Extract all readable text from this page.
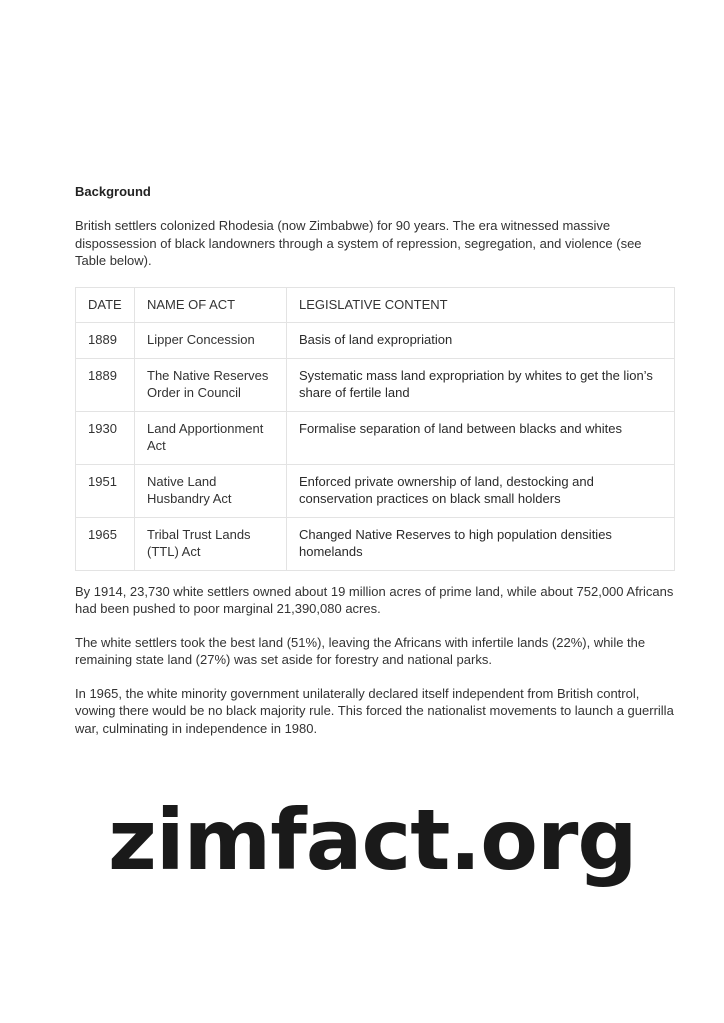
Background

British settlers colonized Rhodesia (now Zimbabwe) for 90 years. The era witnessed massive dispossession of black landowners through a system of repression, segregation, and violence (see Table below).

DATE	NAME OF ACT	LEGISLATIVE CONTENT
1889	Lipper Concession	Basis of land expropriation
1889	The Native Reserves Order in Council	Systematic mass land expropriation by whites to get the lion’s share of fertile land
1930	Land Apportionment Act	Formalise separation of land between blacks and whites
1951	Native Land Husbandry Act	Enforced private ownership of land, destocking and conservation practices on black small holders
1965	Tribal Trust Lands (TTL) Act	Changed Native Reserves to high population densities homelands

By 1914, 23,730 white settlers owned about 19 million acres of prime land, while about 752,000 Africans had been pushed to poor marginal 21,390,080 acres.

The white settlers took the best land (51%), leaving the Africans with infertile lands (22%), while the remaining state land (27%) was set aside for forestry and national parks.

In 1965, the white minority government unilaterally declared itself independent from British control, vowing there would be no black majority rule. This forced the nationalist movements to launch a guerrilla war, culminating in independence in 1980.

zimfact.org
